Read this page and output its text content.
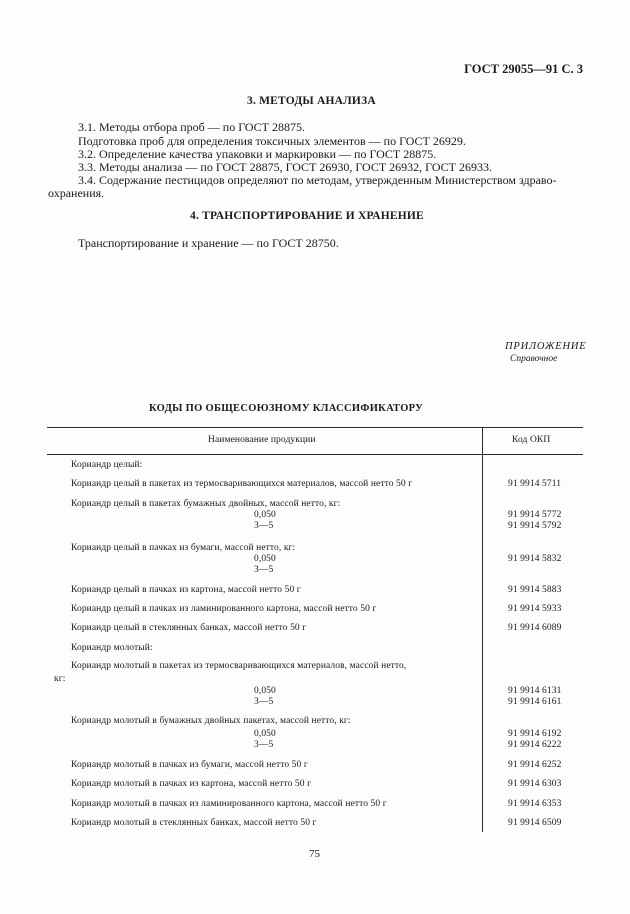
ГОСТ 29055—91 С. 3
3. МЕТОДЫ АНАЛИЗА
3.1. Методы отбора проб — по ГОСТ 28875.
Подготовка проб для определения токсичных элементов — по ГОСТ 26929.
3.2. Определение качества упаковки и маркировки — по ГОСТ 28875.
3.3. Методы анализа — по ГОСТ 28875, ГОСТ 26930, ГОСТ 26932, ГОСТ 26933.
3.4. Содержание пестицидов определяют по методам, утвержденным Министерством здраво-
охранения.
4. ТРАНСПОРТИРОВАНИЕ И ХРАНЕНИЕ
Транспортирование и хранение — по ГОСТ 28750.
ПРИЛОЖЕНИЕ
Справочное
КОДЫ ПО ОБЩЕСОЮЗНОМУ КЛАССИФИКАТОРУ
Наименование продукции	Код ОКП
Кориандр целый:
Кориандр целый в пакетах из термосваривающихся материалов, массой нетто 50 г	91 9914 5711
Кориандр целый в пакетах бумажных двойных, массой нетто, кг:
0,050	91 9914 5772
3—5	91 9914 5792
Кориандр целый в пачках из бумаги, массой нетто, кг:
0,050	91 9914 5832
3—5
Кориандр целый в пачках из картона, массой нетто 50 г	91 9914 5883
Кориандр целый в пачках из ламинированного картона, массой нетто 50 г	91 9914 5933
Кориандр целый в стеклянных банках, массой нетто 50 г	91 9914 6089
Кориандр молотый:
Кориандр молотый в пакетах из термосваривающихся материалов, массой нетто,
кг:
0,050	91 9914 6131
3—5	91 9914 6161
Кориандр молотый в бумажных двойных пакетах, массой нетто, кг:
0,050	91 9914 6192
3—5	91 9914 6222
Кориандр молотый в пачках из бумаги, массой нетто 50 г	91 9914 6252
Кориандр молотый в пачках из картона, массой нетто 50 г	91 9914 6303
Кориандр молотый в пачках из ламинированного картона, массой нетто 50 г	91 9914 6353
Кориандр молотый в стеклянных банках, массой нетто 50 г	91 9914 6509
75
